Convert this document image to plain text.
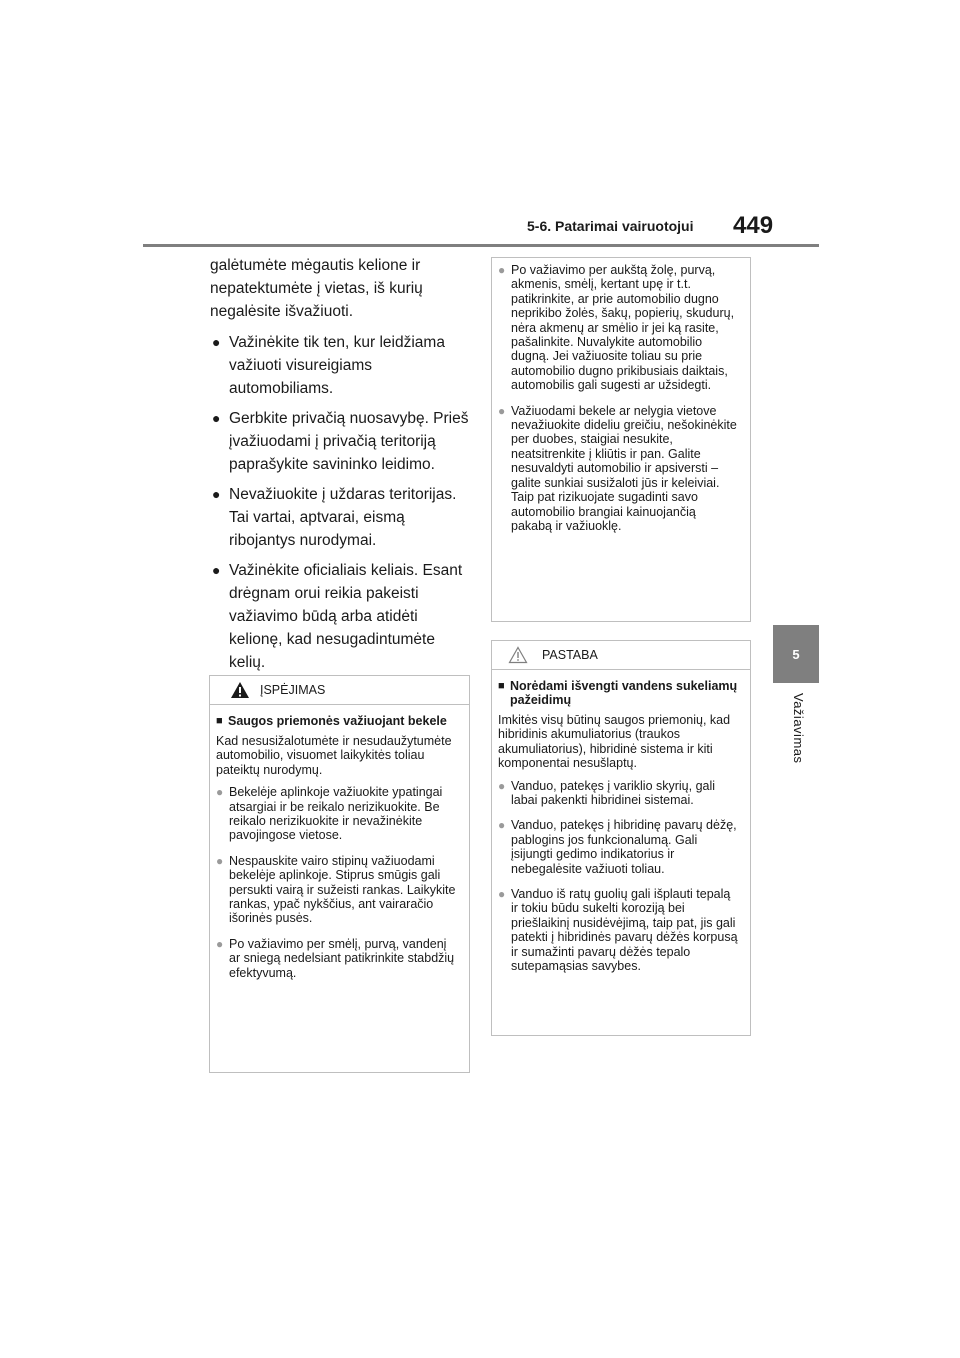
5-6. Patarimai vairuotojui 449
5
Važiavimas

galėtumėte mėgautis kelione ir nepatektumėte į vietas, iš kurių negalėsite išvažiuoti.

● Važinėkite tik ten, kur leidžiama važiuoti visureigiams automobiliams.
● Gerbkite privačią nuosavybę. Prieš įvažiuodami į privačią teritoriją paprašykite savininko leidimo.
● Nevažiuokite į uždaras teritorijas. Tai vartai, aptvarai, eismą ribojantys nurodymai.
● Važinėkite oficialiais keliais. Esant drėgnam orui reikia pakeisti važiavimo būdą arba atidėti kelionę, kad nesugadintumėte kelių.
ĮSPĖJIMAS
■ Saugos priemonės važiuojant bekele

Kad nesusižalotumėte ir nesudaužytumėte automobilio, visuomet laikykitės toliau pateiktų nurodymų.

● Bekelėje aplinkoje važiuokite ypatingai atsargiai ir be reikalo nerizikuokite. Be reikalo nerizikuokite ir nevažinėkite pavojingose vietose.
● Nespauskite vairo stipinų važiuodami bekelėje aplinkoje. Stiprus smūgis gali persukti vairą ir sužeisti rankas. Laikykite rankas, ypač nykščius, ant vairaračio išorinės pusės.
● Po važiavimo per smėlį, purvą, vandenį ar sniegą nedelsiant patikrinkite stabdžių efektyvumą.
● Po važiavimo per aukštą žolę, purvą, akmenis, smėlį, kertant upę ir t.t. patikrinkite, ar prie automobilio dugno neprikibo žolės, šakų, popierių, skudurų, nėra akmenų ar smėlio ir jei ką rasite, pašalinkite. Nuvalykite automobilio dugną. Jei važiuosite toliau su prie automobilio dugno prikibusiais daiktais, automobilis gali sugesti ar užsidegti.
● Važiuodami bekele ar nelygia vietove nevažiuokite dideliu greičiu, nešokinėkite per duobes, staigiai nesukite, neatsitrenkite į kliūtis ir pan. Galite nesuvaldyti automobilio ir apsiversti – galite sunkiai susižaloti jūs ir keleiviai. Taip pat rizikuojate sugadinti savo automobilio brangiai kainuojančią pakabą ir važiuoklę.
PASTABA
■ Norėdami išvengti vandens sukeliamų pažeidimų

Imkitės visų būtinų saugos priemonių, kad hibridinis akumuliatorius (traukos akumuliatorius), hibridinė sistema ir kiti komponentai nesušlaptų.

● Vanduo, patekęs į variklio skyrių, gali labai pakenkti hibridinei sistemai.
● Vanduo, patekęs į hibridinę pavarų dėžę, pablogins jos funkcionalumą. Gali įsijungti gedimo indikatorius ir nebegalėsite važiuoti toliau.
● Vanduo iš ratų guolių gali išplauti tepalą ir tokiu būdu sukelti koroziją bei priešlaikinį nusidėvėjimą, taip pat, jis gali patekti į hibridinės pavarų dėžės korpusą ir sumažinti pavarų dėžės tepalo sutepamąsias savybes.
